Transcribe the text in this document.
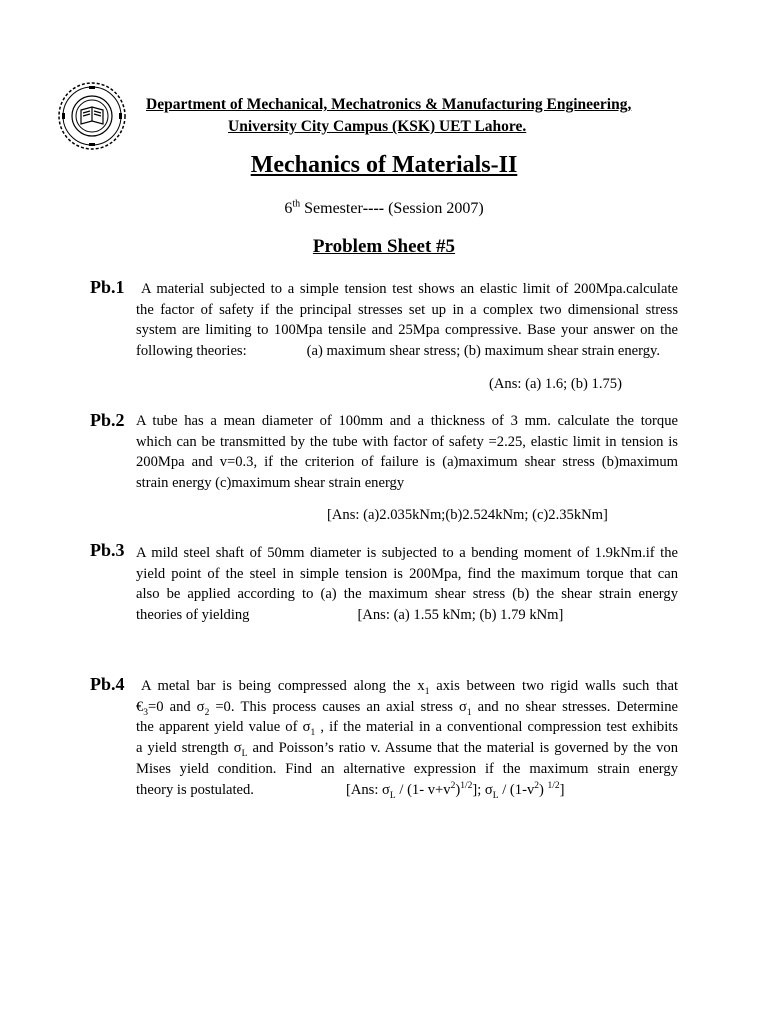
Department of Mechanical, Mechatronics & Manufacturing Engineering,
University City Campus (KSK) UET Lahore.
Mechanics of Materials-II
6th Semester---- (Session 2007)
Problem Sheet #5
Pb.1	A material subjected to a simple tension test shows an elastic limit of 200Mpa.calculate
the factor of safety if the principal stresses set up in a complex two dimensional stress
system are limiting to 100Mpa tensile and 25Mpa compressive. Base your answer on the
following theories:	(a) maximum shear stress; (b) maximum shear strain energy.
(Ans: (a) 1.6; (b) 1.75)
Pb.2 A tube has a mean diameter of 100mm and a thickness of 3 mm. calculate the torque
which can be transmitted by the tube with factor of safety =2.25, elastic limit in tension is
200Mpa and v=0.3, if the criterion of failure is (a)maximum shear stress (b)maximum
strain energy (c)maximum shear strain energy
[Ans: (a)2.035kNm;(b)2.524kNm; (c)2.35kNm]
Pb.3 A mild steel shaft of 50mm diameter is subjected to a bending moment of 1.9kNm.if the
yield point of the steel in simple tension is 200Mpa, find the maximum torque that can
also be applied according to (a) the maximum shear stress (b) the shear strain energy
theories of yielding	[Ans: (a) 1.55 kNm; (b) 1.79 kNm]
Pb.4	A metal bar is being compressed along the $x_1$ axis between two rigid walls such that
$€_3=0$ and $\sigma_2 =0$. This process causes an axial stress $\sigma_1$ and no shear stresses. Determine
the apparent yield value of $\sigma_1$ , if the material in a conventional compression test exhibits
a yield strength $\sigma_L$ and Poisson’s ratio v. Assume that the material is governed by the von
Mises yield condition. Find an alternative expression if the maximum strain energy
theory is postulated.	[Ans: $\sigma_L / (1-$ $v+v^2)^{1/2}$]; $\sigma_L / (1-v^2)$ $^{1/2}$]
